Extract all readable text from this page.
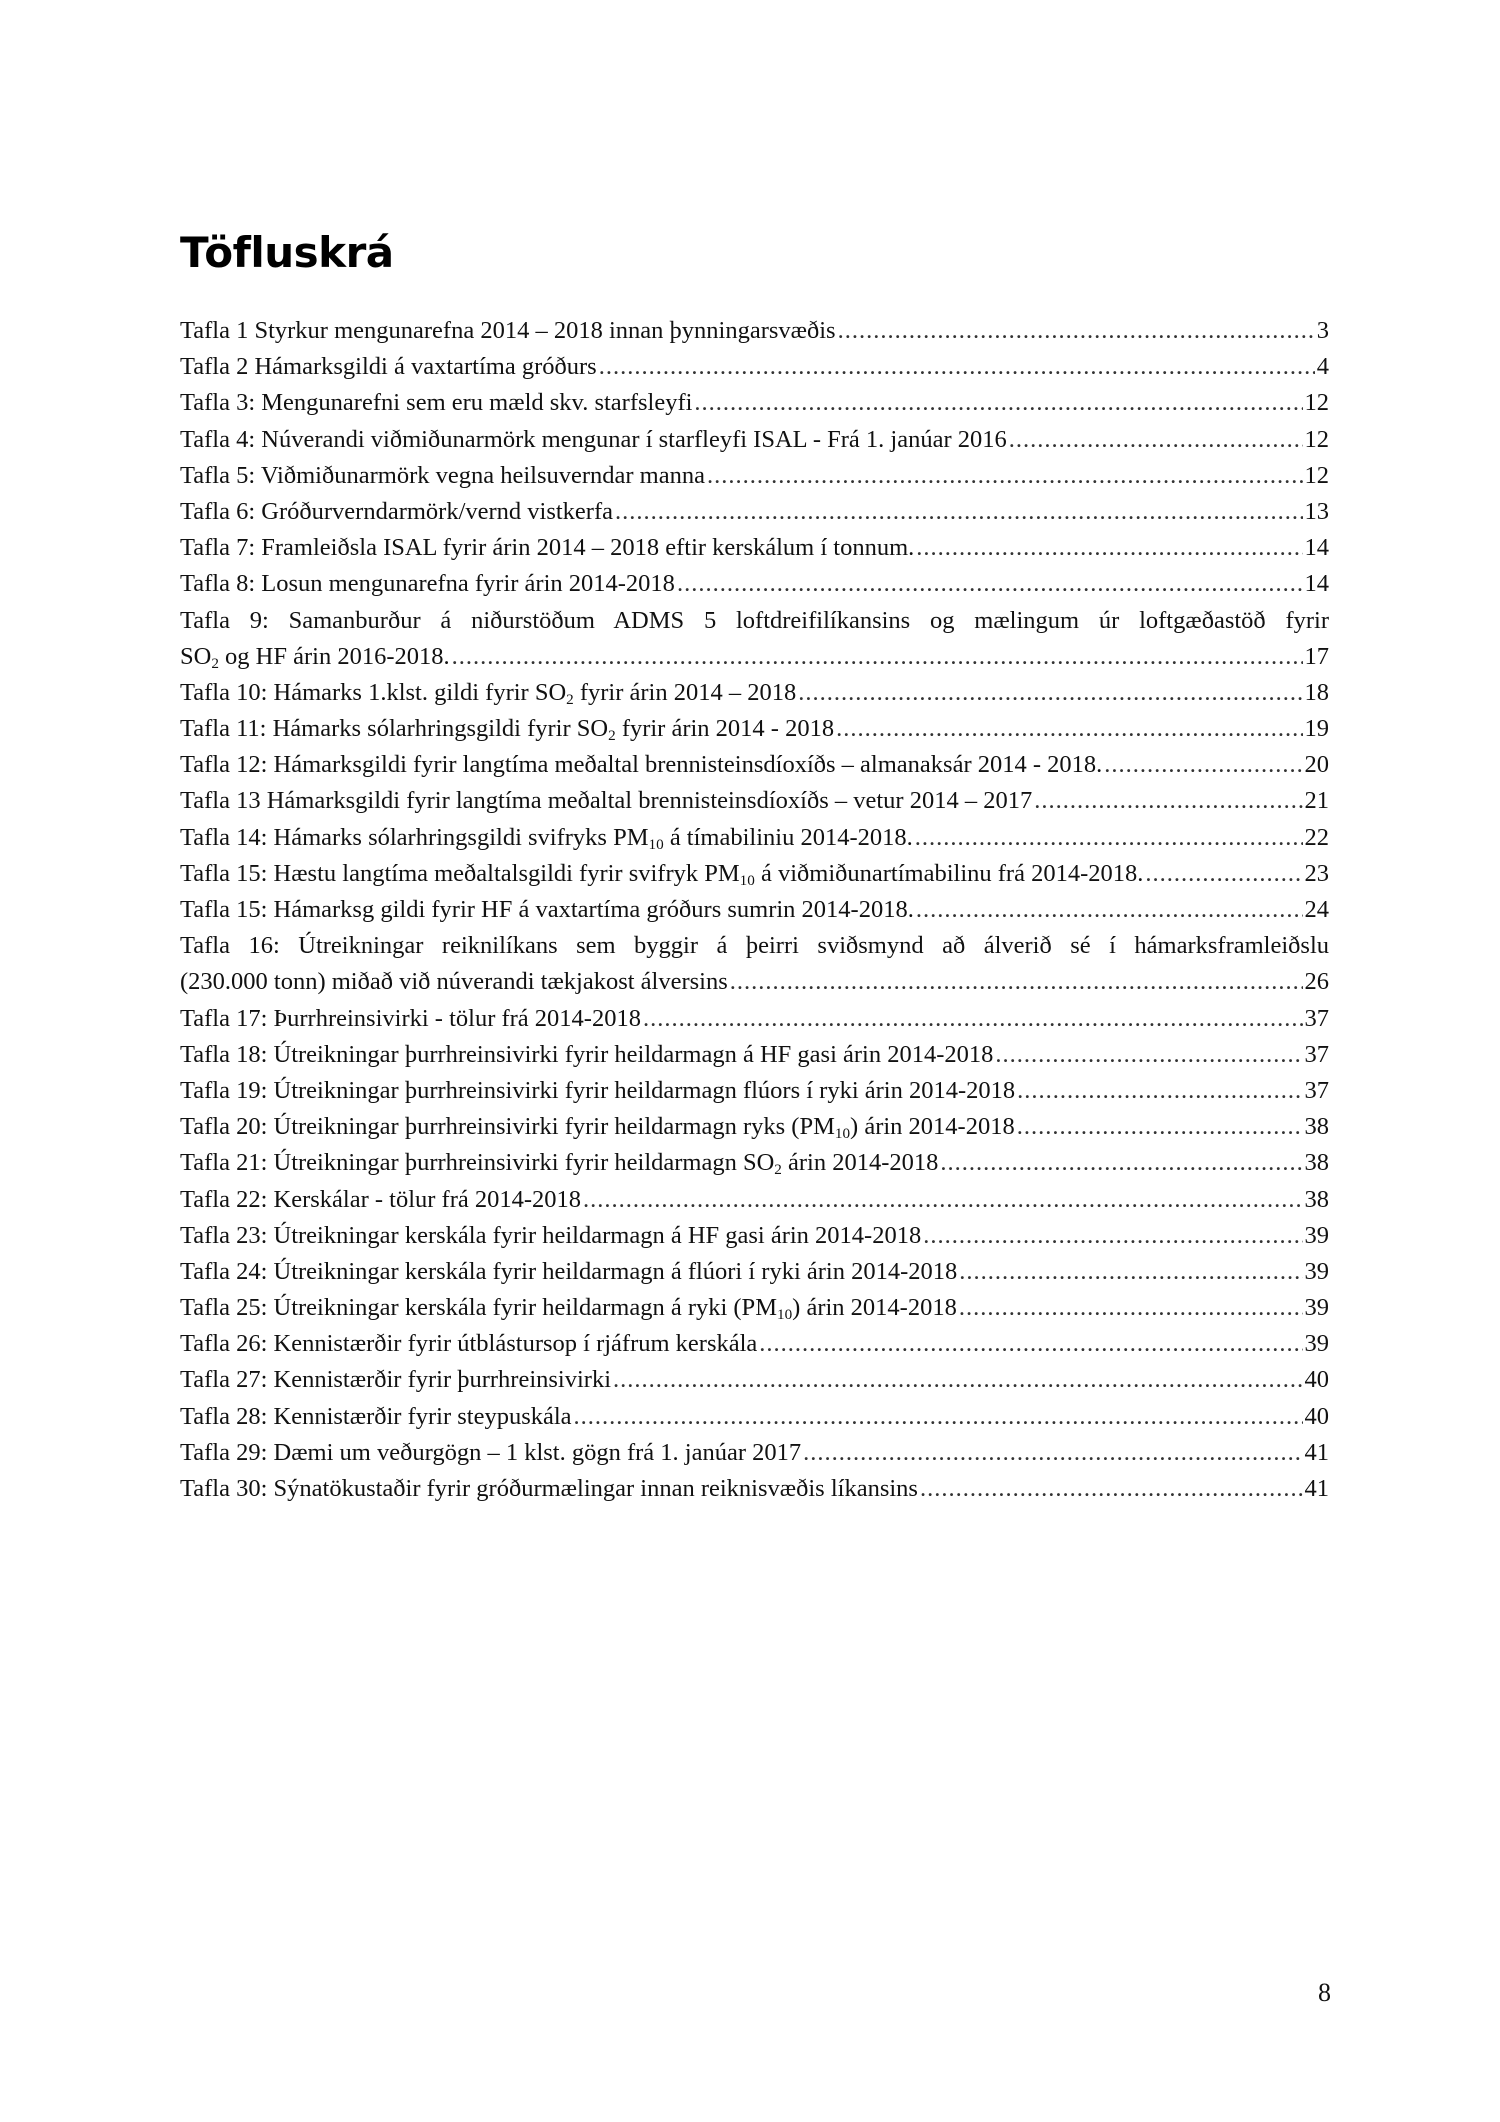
Töfluskrá
Tafla 1 Styrkur mengunarefna 2014 – 2018 innan þynningarsvæðis .....	3
Tafla 2 Hámarksgildi á vaxtartíma gróðurs .....	4
Tafla 3: Mengunarefni sem eru mæld skv. starfsleyfi .....	12
Tafla 4: Núverandi viðmiðunarmörk mengunar í starfleyfi ISAL - Frá 1. janúar 2016 .....	12
Tafla 5: Viðmiðunarmörk vegna heilsuverndar manna .....	12
Tafla 6: Gróðurverndarmörk/vernd vistkerfa .....	13
Tafla 7: Framleiðsla ISAL fyrir árin 2014 – 2018 eftir kerskálum í tonnum. .....	14
Tafla 8: Losun mengunarefna fyrir árin 2014-2018 .....	14
Tafla 9: Samanburður á niðurstöðum ADMS 5 loftdreifilíkansins og mælingum úr loftgæðastöð fyrir
$SO_2$ og HF árin 2016-2018. .....	17
Tafla 10: Hámarks 1.klst. gildi fyrir $SO_2$ fyrir árin 2014 – 2018 .....	18
Tafla 11: Hámarks sólarhringsgildi fyrir $SO_2$ fyrir árin 2014 - 2018 .....	19
Tafla 12: Hámarksgildi fyrir langtíma meðaltal brennisteinsdíoxíðs – almanaksár 2014 - 2018. .....	20
Tafla 13 Hámarksgildi fyrir langtíma meðaltal brennisteinsdíoxíðs – vetur 2014 – 2017 .....	21
Tafla 14: Hámarks sólarhringsgildi svifryks $PM_{10}$ á tímabiliniu 2014-2018. .....	22
Tafla 15: Hæstu langtíma meðaltalsgildi fyrir svifryk $PM_{10}$ á viðmiðunartímabilinu frá 2014-2018. .....	23
Tafla 15: Hámarksg gildi fyrir HF á vaxtartíma gróðurs sumrin 2014-2018. .....	24
Tafla 16: Útreikningar reiknilíkans sem byggir á þeirri sviðsmynd að álverið sé í hámarksframleiðslu
(230.000 tonn) miðað við núverandi tækjakost álversins .....	26
Tafla 17: Þurrhreinsivirki - tölur frá 2014-2018 .....	37
Tafla 18: Útreikningar þurrhreinsivirki fyrir heildarmagn á HF gasi árin 2014-2018 .....	37
Tafla 19: Útreikningar þurrhreinsivirki fyrir heildarmagn flúors í ryki árin 2014-2018 .....	37
Tafla 20: Útreikningar þurrhreinsivirki fyrir heildarmagn ryks $(PM_{10})$ árin 2014-2018 .....	38
Tafla 21: Útreikningar þurrhreinsivirki fyrir heildarmagn $SO_2$ árin 2014-2018 .....	38
Tafla 22: Kerskálar - tölur frá 2014-2018 .....	38
Tafla 23: Útreikningar kerskála fyrir heildarmagn á HF gasi árin 2014-2018 .....	39
Tafla 24: Útreikningar kerskála fyrir heildarmagn á flúori í ryki árin 2014-2018 .....	39
Tafla 25: Útreikningar kerskála fyrir heildarmagn á ryki $(PM_{10})$ árin 2014-2018 .....	39
Tafla 26: Kennistærðir fyrir útblástursop í rjáfrum kerskála .....	39
Tafla 27: Kennistærðir fyrir þurrhreinsivirki .....	40
Tafla 28: Kennistærðir fyrir steypuskála .....	40
Tafla 29: Dæmi um veðurgögn – 1 klst. gögn frá 1. janúar 2017 .....	41
Tafla 30: Sýnatökustaðir fyrir gróðurmælingar innan reiknisvæðis líkansins .....	41
8
